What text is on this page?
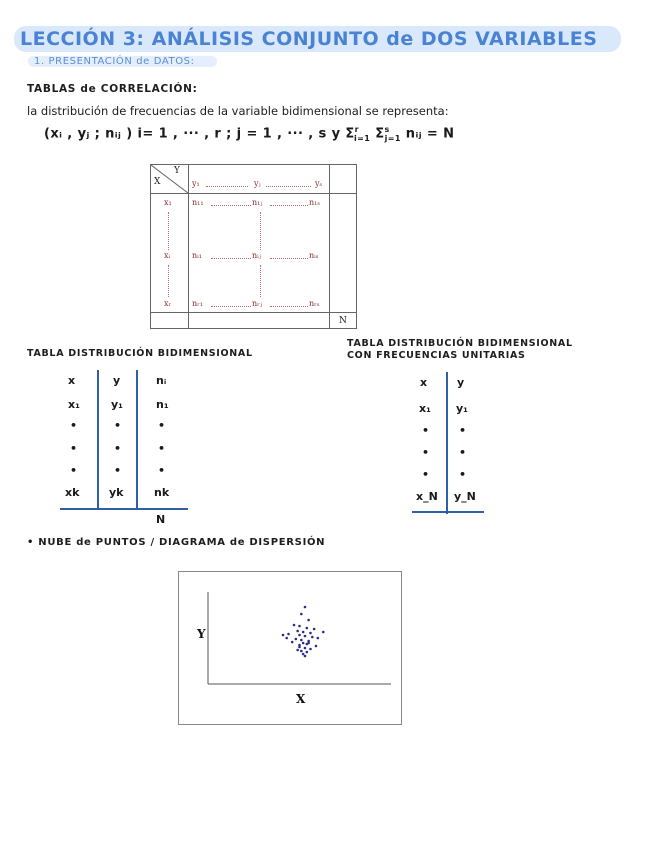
LECCIÓN 3: ANÁLISIS CONJUNTO de DOS VARIABLES
1. PRESENTACIÓN de DATOS:
TABLAS de CORRELACIÓN:
la distribución de frecuencias de la variable bidimensional se representa:
(xᵢ , yⱼ ; nᵢⱼ ) i= 1 , ··· , r ; j = 1 , ··· , s y $\Sigma^r_{i=1}$ $\Sigma^s_{j=1}$ nᵢⱼ = N
Y
X	y₁	yⱼ	yₛ
x₁	n₁₁	n₁ⱼ	n₁ₛ
xᵢ	nᵢ₁	nᵢⱼ	nᵢₛ
xᵣ	nᵣ₁	nᵣⱼ	nᵣₛ
N
TABLA DISTRIBUCIÓN BIDIMENSIONAL
x	y	nᵢ
x₁	y₁	n₁
•	•	•
•	•	•
•	•	•
xk	yk	nk
N
TABLA DISTRIBUCIÓN BIDIMENSIONAL
CON FRECUENCIAS UNITARIAS
x	y
x₁ y₁
•	•
•	•
•	•
x_N y_N
• NUBE de PUNTOS / DIAGRAMA de DISPERSIÓN
Y
X
